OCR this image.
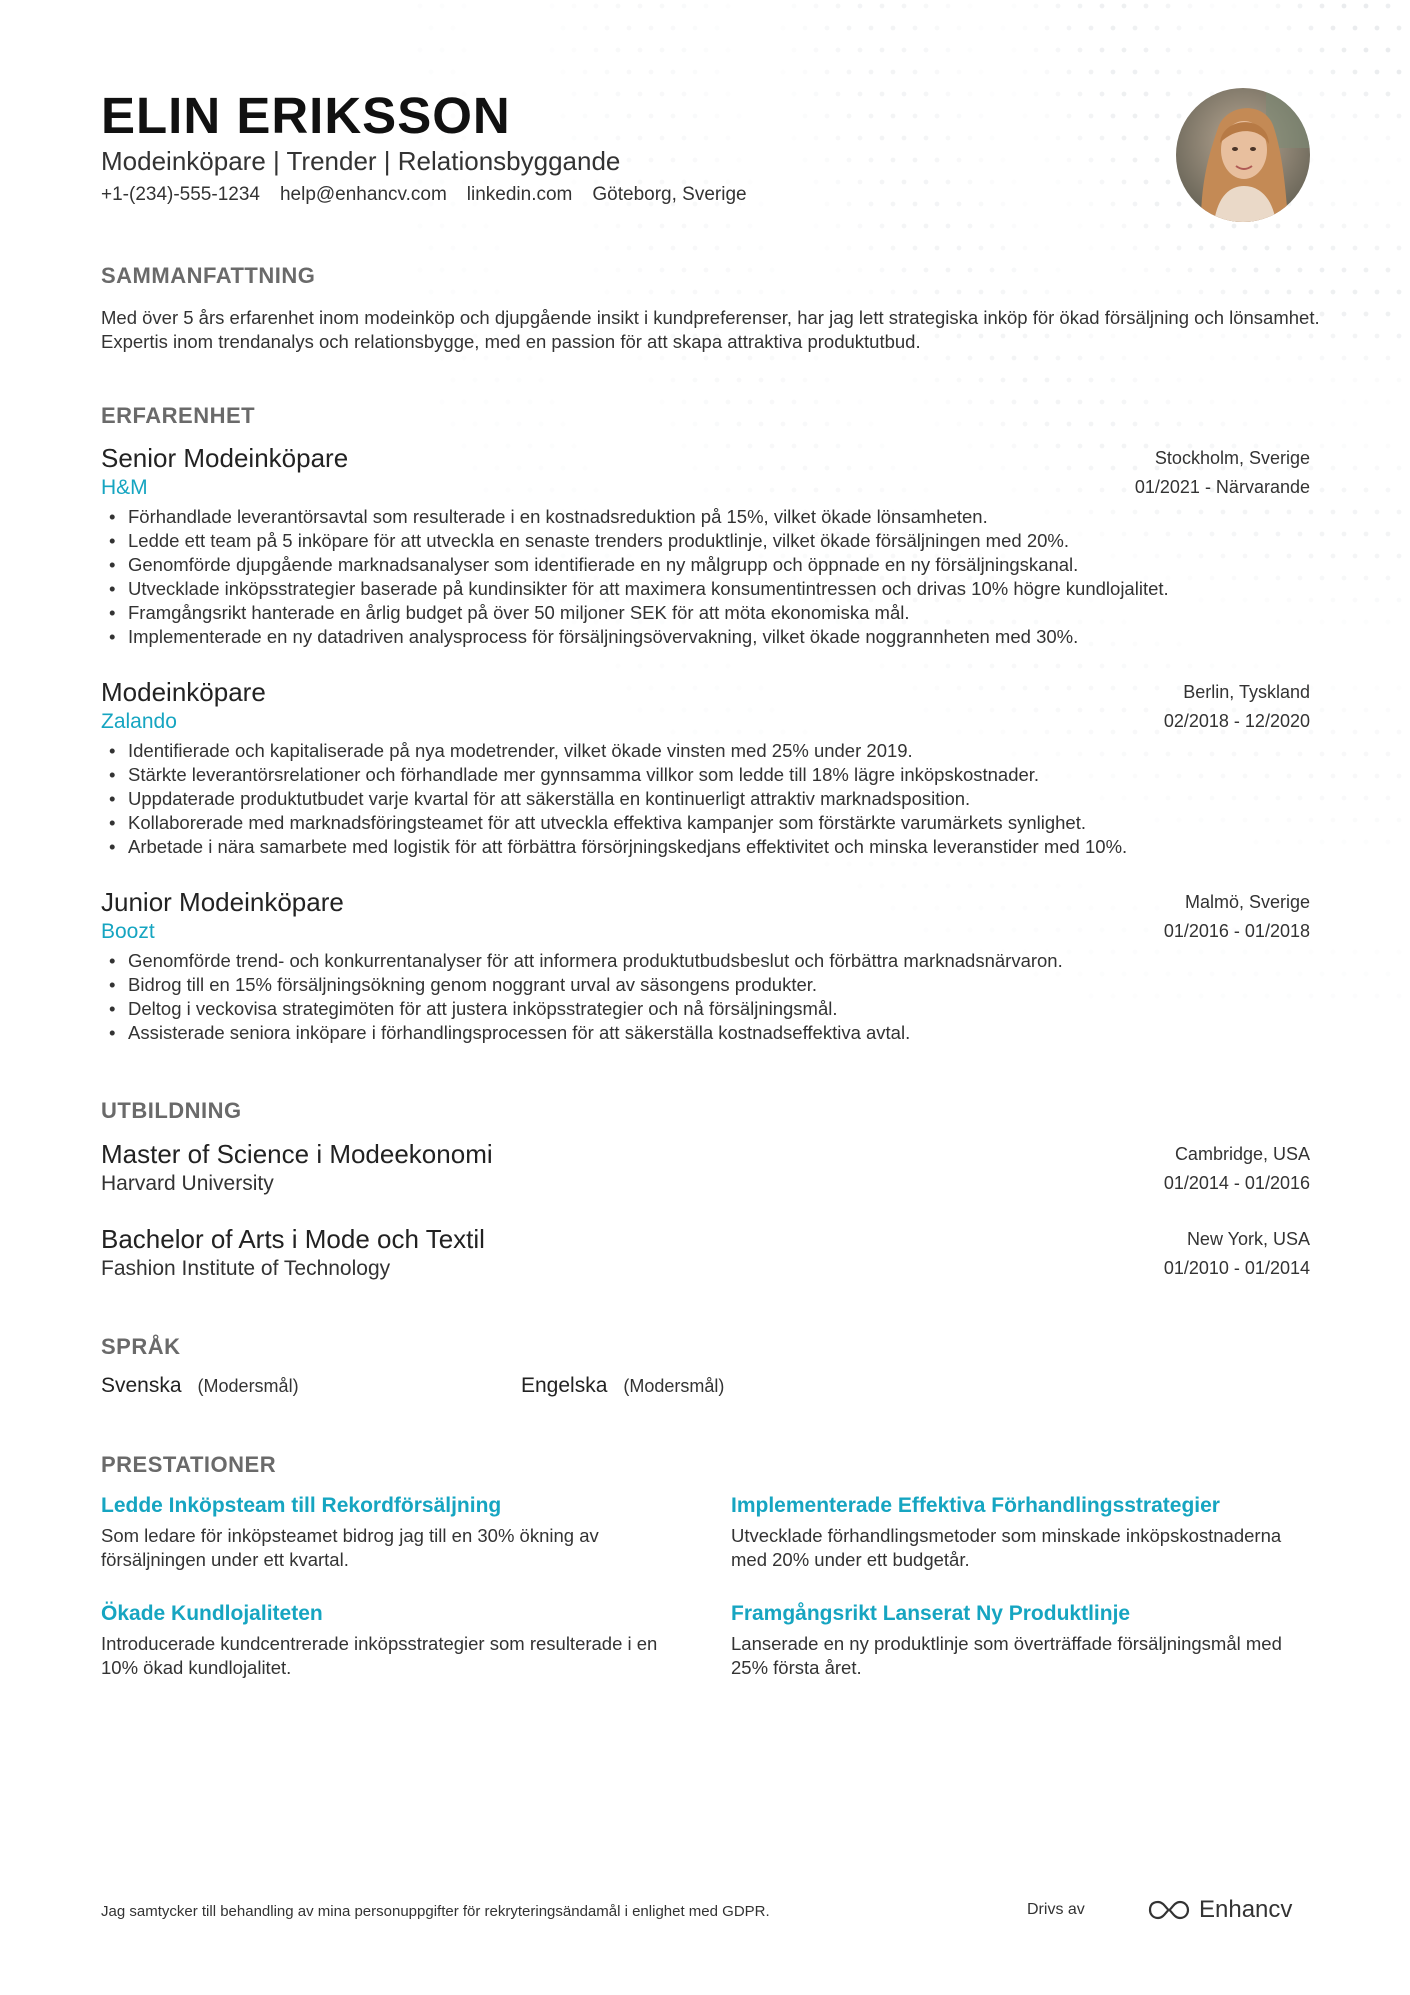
ELIN ERIKSSON
Modeinköpare | Trender | Relationsbyggande
+1-(234)-555-1234 help@enhancv.com linkedin.com Göteborg, Sverige
SAMMANFATTNING
Med över 5 års erfarenhet inom modeinköp och djupgående insikt i kundpreferenser, har jag lett strategiska inköp för ökad försäljning och lönsamhet. Expertis inom trendanalys och relationsbygge, med en passion för att skapa attraktiva produktutbud.
ERFARENHET
Senior Modeinköpare
H&M
Stockholm, Sverige
01/2021 - Närvarande
• Förhandlade leverantörsavtal som resulterade i en kostnadsreduktion på 15%, vilket ökade lönsamheten.
• Ledde ett team på 5 inköpare för att utveckla en senaste trenders produktlinje, vilket ökade försäljningen med 20%.
• Genomförde djupgående marknadsanalyser som identifierade en ny målgrupp och öppnade en ny försäljningskanal.
• Utvecklade inköpsstrategier baserade på kundinsikter för att maximera konsumentintressen och drivas 10% högre kundlojalitet.
• Framgångsrikt hanterade en årlig budget på över 50 miljoner SEK för att möta ekonomiska mål.
• Implementerade en ny datadriven analysprocess för försäljningsövervakning, vilket ökade noggrannheten med 30%.
Modeinköpare
Zalando
Berlin, Tyskland
02/2018 - 12/2020
• Identifierade och kapitaliserade på nya modetrender, vilket ökade vinsten med 25% under 2019.
• Stärkte leverantörsrelationer och förhandlade mer gynnsamma villkor som ledde till 18% lägre inköpskostnader.
• Uppdaterade produktutbudet varje kvartal för att säkerställa en kontinuerligt attraktiv marknadsposition.
• Kollaborerade med marknadsföringsteamet för att utveckla effektiva kampanjer som förstärkte varumärkets synlighet.
• Arbetade i nära samarbete med logistik för att förbättra försörjningskedjans effektivitet och minska leveranstider med 10%.
Junior Modeinköpare
Boozt
Malmö, Sverige
01/2016 - 01/2018
• Genomförde trend- och konkurrentanalyser för att informera produktutbudsbeslut och förbättra marknadsnärvaron.
• Bidrog till en 15% försäljningsökning genom noggrant urval av säsongens produkter.
• Deltog i veckovisa strategimöten för att justera inköpsstrategier och nå försäljningsmål.
• Assisterade seniora inköpare i förhandlingsprocessen för att säkerställa kostnadseffektiva avtal.
UTBILDNING
Master of Science i Modeekonomi
Harvard University
Cambridge, USA
01/2014 - 01/2016
Bachelor of Arts i Mode och Textil
Fashion Institute of Technology
New York, USA
01/2010 - 01/2014
SPRÅK
Svenska (Modersmål)	Engelska (Modersmål)
PRESTATIONER
Ledde Inköpsteam till Rekordförsäljning
Som ledare för inköpsteamet bidrog jag till en 30% ökning av försäljningen under ett kvartal.
Implementerade Effektiva Förhandlingsstrategier
Utvecklade förhandlingsmetoder som minskade inköpskostnaderna med 20% under ett budgetår.
Ökade Kundlojaliteten
Introducerade kundcentrerade inköpsstrategier som resulterade i en 10% ökad kundlojalitet.
Framgångsrikt Lanserat Ny Produktlinje
Lanserade en ny produktlinje som överträffade försäljningsmål med 25% första året.
Jag samtycker till behandling av mina personuppgifter för rekryteringsändamål i enlighet med GDPR.	Drivs av	Enhancv
